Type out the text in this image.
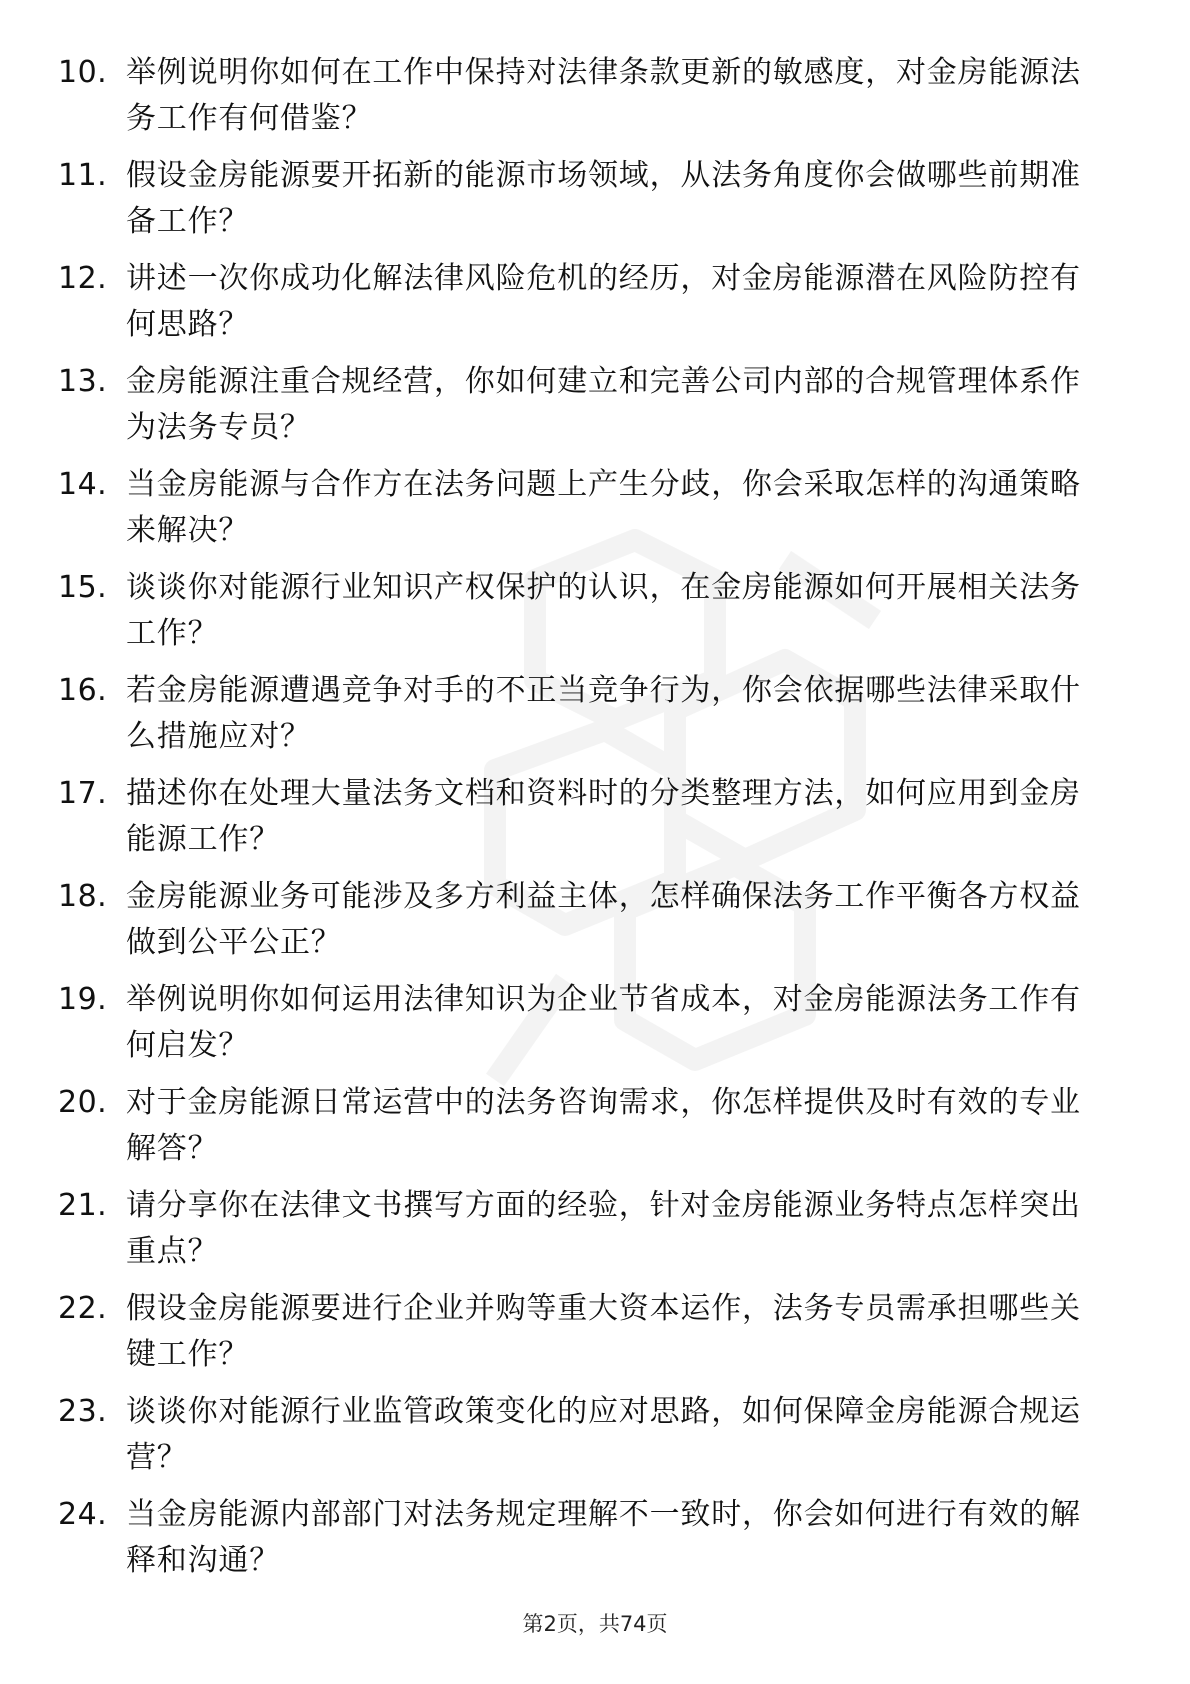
10. 举例说明你如何在工作中保持对法律条款更新的敏感度，对金房能源法务工作有何借鉴？
11. 假设金房能源要开拓新的能源市场领域，从法务角度你会做哪些前期准备工作？
12. 讲述一次你成功化解法律风险危机的经历，对金房能源潜在风险防控有何思路？
13. 金房能源注重合规经营，你如何建立和完善公司内部的合规管理体系作为法务专员？
14. 当金房能源与合作方在法务问题上产生分歧，你会采取怎样的沟通策略来解决？
15. 谈谈你对能源行业知识产权保护的认识，在金房能源如何开展相关法务工作？
16. 若金房能源遭遇竞争对手的不正当竞争行为，你会依据哪些法律采取什么措施应对？
17. 描述你在处理大量法务文档和资料时的分类整理方法，如何应用到金房能源工作？
18. 金房能源业务可能涉及多方利益主体，怎样确保法务工作平衡各方权益做到公平公正？
19. 举例说明你如何运用法律知识为企业节省成本，对金房能源法务工作有何启发？
20. 对于金房能源日常运营中的法务咨询需求，你怎样提供及时有效的专业解答？
21. 请分享你在法律文书撰写方面的经验，针对金房能源业务特点怎样突出重点？
22. 假设金房能源要进行企业并购等重大资本运作，法务专员需承担哪些关键工作？
23. 谈谈你对能源行业监管政策变化的应对思路，如何保障金房能源合规运营？
24. 当金房能源内部部门对法务规定理解不一致时，你会如何进行有效的解释和沟通？
第2页，共74页
